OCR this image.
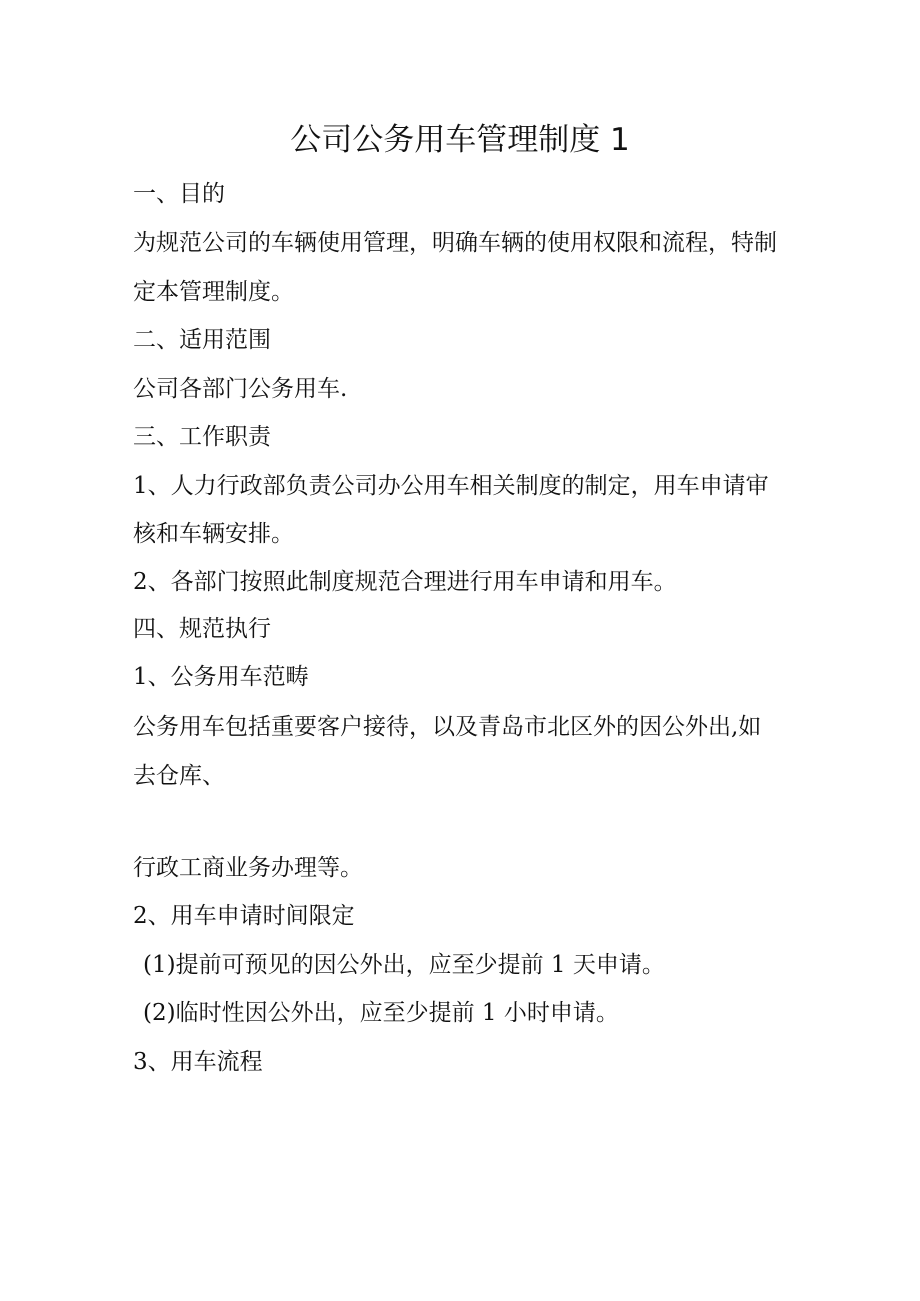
公司公务用车管理制度 1

一、目的

为规范公司的车辆使用管理，明确车辆的使用权限和流程，特制

定本管理制度。

二、适用范围

公司各部门公务用车.

三、工作职责

1、人力行政部负责公司办公用车相关制度的制定，用车申请审

核和车辆安排。

2、各部门按照此制度规范合理进行用车申请和用车。

四、规范执行

1、公务用车范畴

公务用车包括重要客户接待，以及青岛市北区外的因公外出,如

去仓库、

行政工商业务办理等。

2、用车申请时间限定

(1)提前可预见的因公外出，应至少提前 1 天申请。

(2)临时性因公外出，应至少提前 1 小时申请。

3、用车流程
